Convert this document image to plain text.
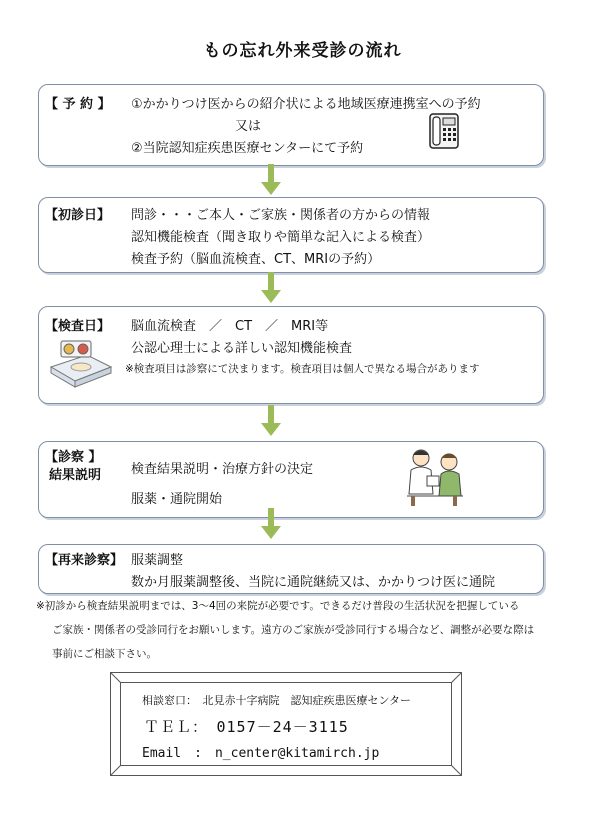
もの忘れ外来受診の流れ
【 予 約 】 ①かかりつけ医からの紹介状による地域医療連携室への予約
又は
②当院認知症疾患医療センターにて予約
【初診日】 問診・・・ご本人・ご家族・関係者の方からの情報
認知機能検査（聞き取りや簡単な記入による検査）
検査予約（脳血流検査、CT、MRIの予約）
【検査日】 脳血流検査　／　CT　／　MRI等
公認心理士による詳しい認知機能検査
※検査項目は診察にて決まります。検査項目は個人で異なる場合があります
【診察 】
結果説明 検査結果説明・治療方針の決定
服薬・通院開始
【再来診察】 服薬調整
数か月服薬調整後、当院に通院継続又は、かかりつけ医に通院
※初診から検査結果説明までは、3～4回の来院が必要です。できるだけ普段の生活状況を把握している
ご家族・関係者の受診同行をお願いします。遠方のご家族が受診同行する場合など、調整が必要な際は
事前にご相談下さい。
相談窓口：　北見赤十字病院　認知症疾患医療センター
ＴＥＬ：　0157－24－3115
Email　:　n_center@kitamirch.jp
